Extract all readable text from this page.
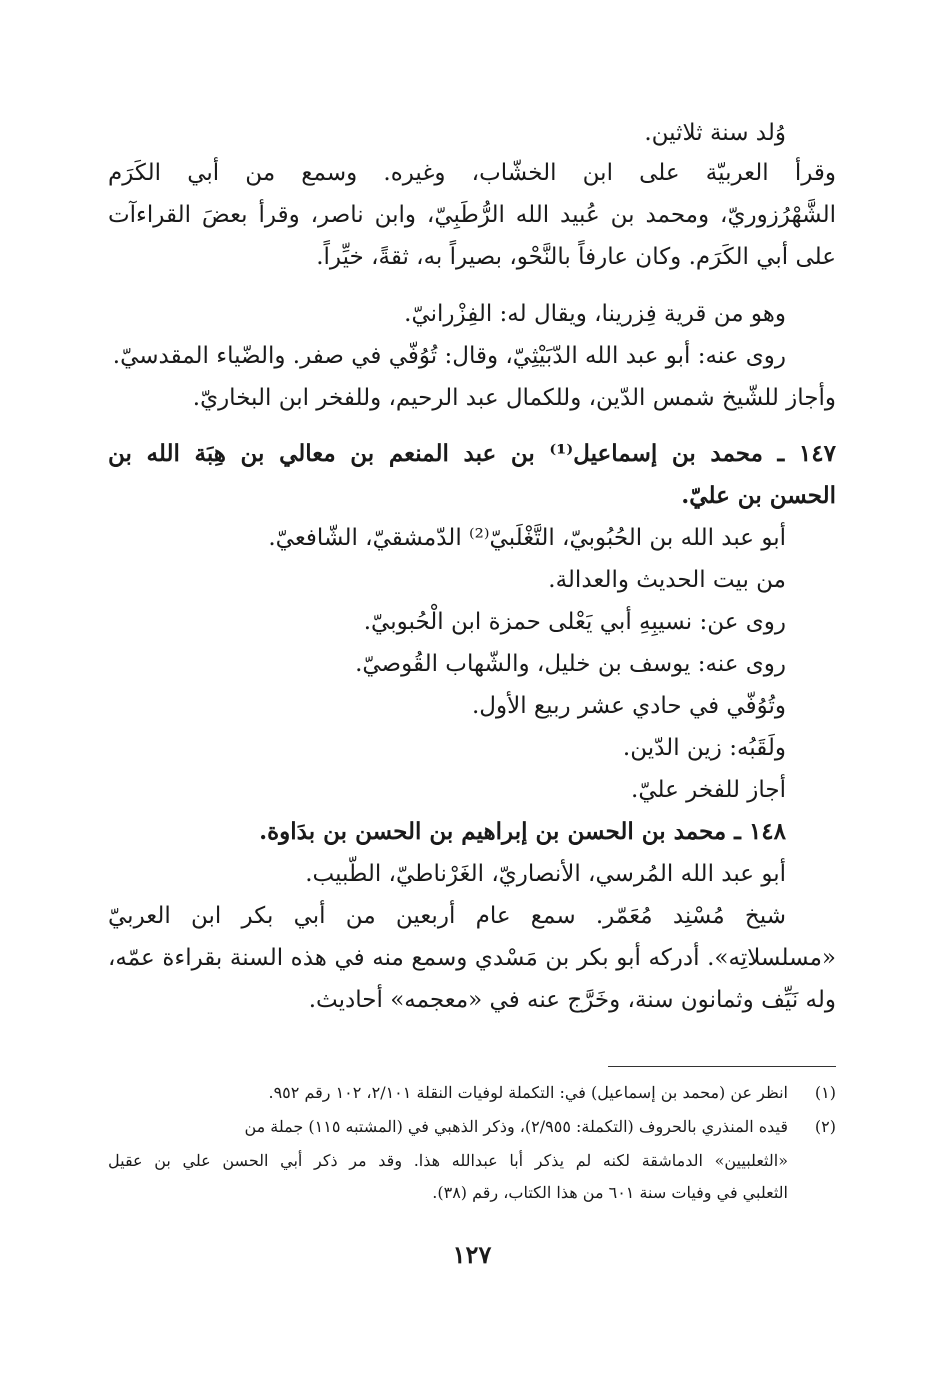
وُلد سنة ثلاثين.
وقرأ العربيّة على ابن الخشّاب، وغيره. وسمع من أبي الكَرَم
الشَّهْرُزوريّ، ومحمد بن عُبيد الله الرُّطَبِيّ، وابن ناصر، وقرأ بعضَ القراءآت
على أبي الكَرَم. وكان عارفاً بالنَّحْو، بصيراً به، ثقةً، خيِّراً.
وهو من قرية فِزرينا، ويقال له: الفِزْرانيّ.
روى عنه: أبو عبد الله الدّبَيْثِيّ، وقال: تُوُفّي في صفر. والضّياء المقدسيّ.
وأجاز للشّيخ شمس الدّين، وللكمال عبد الرحيم، وللفخر ابن البخاريّ.
١٤٧ ـ محمد بن إسماعيل⁽¹⁾ بن عبد المنعم بن معالي بن هِبَة الله بن
الحسن بن عليّ.
أبو عبد الله بن الحُبُوبيّ، التَّغْلَبيّ⁽²⁾ الدّمشقيّ، الشّافعيّ.
من بيت الحديث والعدالة.
روى عن: نسيبِهِ أبي يَعْلى حمزة ابن الْحُبوبيّ.
روى عنه: يوسف بن خليل، والشّهاب القُوصيّ.
وتُوُفّي في حادي عشر ربيع الأول.
ولَقَبُه: زين الدّين.
أجاز للفخر عليّ.
١٤٨ ـ محمد بن الحسن بن إبراهيم بن الحسن بن بدَاوة.
أبو عبد الله المُرسي، الأنصاريّ، الغَرْناطيّ، الطّبيب.
شيخ مُسْنِد مُعَمّر. سمع عام أربعين من أبي بكر ابن العربيّ
«مسلسلاتِه». أدركه أبو بكر بن مَسْدي وسمع منه في هذه السنة بقراءة عمّه،
وله نَيِّف وثمانون سنة، وخَرَّج عنه في «معجمه» أحاديث.
(١)
انظر عن (محمد بن إسماعيل) في: التكملة لوفيات النقلة ٢/١٠١، ١٠٢ رقم ٩٥٢.
(٢)
قيده المنذري بالحروف (التكملة: ٢/٩٥٥)، وذكر الذهبي في (المشتبه ١١٥) جملة من
«الثعلبيين» الدماشقة لكنه لم يذكر أبا عبدالله هذا. وقد مر ذكر أبي الحسن علي بن عقيل
الثعلبي في وفيات سنة ٦٠١ من هذا الكتاب، رقم (٣٨).
١٢٧
